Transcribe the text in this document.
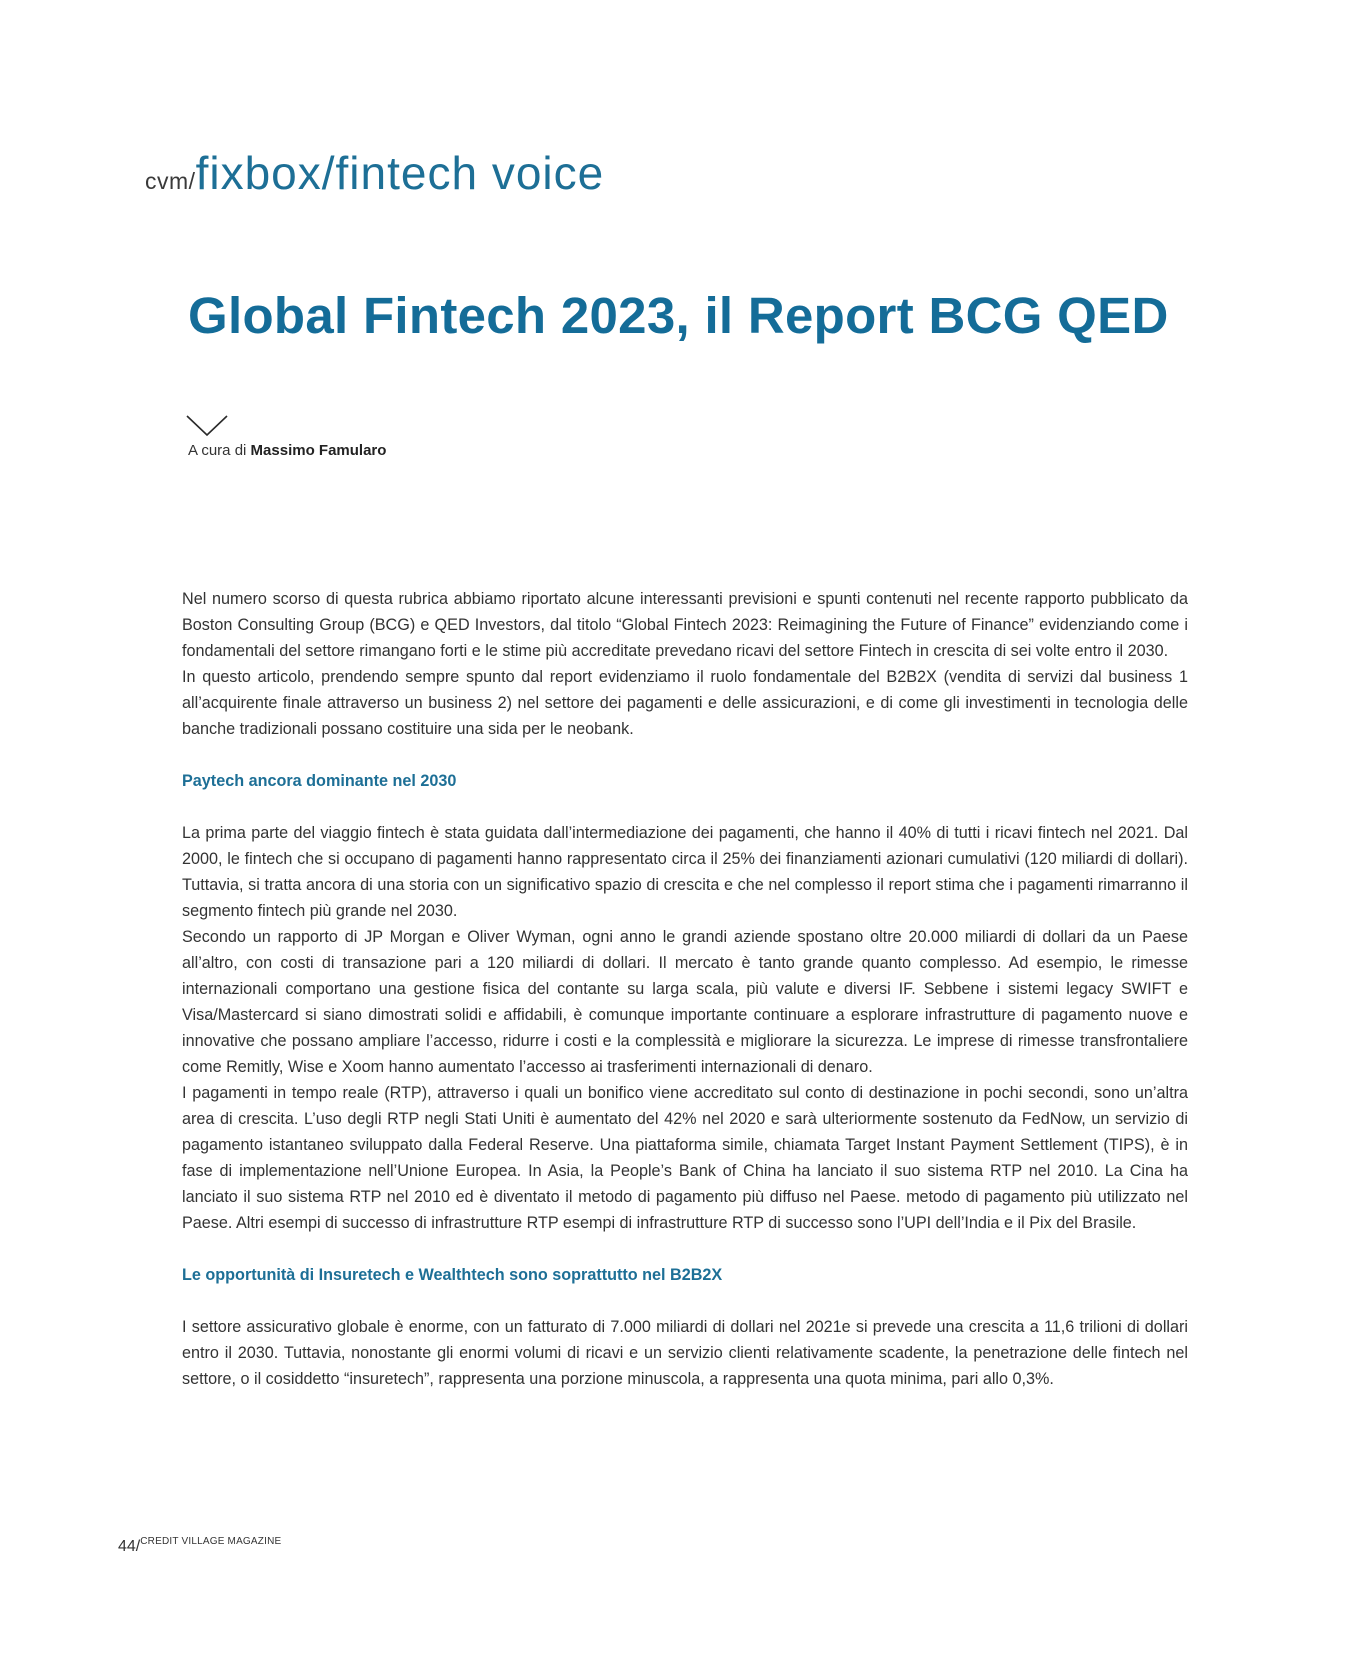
cvm/fixbox/fintech voice
Global Fintech 2023, il Report BCG QED
A cura di Massimo Famularo

Nel numero scorso di questa rubrica abbiamo riportato alcune interessanti previsioni e spunti contenuti nel recente rapporto pubblicato da Boston Consulting Group (BCG) e QED Investors, dal titolo “Global Fintech 2023: Reimagining the Future of Finance” evidenziando come i fondamentali del settore rimangano forti e le stime più accreditate prevedano ricavi del settore Fintech in crescita di sei volte entro il 2030.

In questo articolo, prendendo sempre spunto dal report evidenziamo il ruolo fondamentale del B2B2X (vendita di servizi dal business 1 all’acquirente finale attraverso un business 2) nel settore dei pagamenti e delle assicurazioni, e di come gli investimenti in tecnologia delle banche tradizionali possano costituire una sida per le neobank.

Paytech ancora dominante nel 2030

La prima parte del viaggio fintech è stata guidata dall’intermediazione dei pagamenti, che hanno il 40% di tutti i ricavi fintech nel 2021. Dal 2000, le fintech che si occupano di pagamenti hanno rappresentato circa il 25% dei finanziamenti azionari cumulativi (120 miliardi di dollari). Tuttavia, si tratta ancora di una storia con un significativo spazio di crescita e che nel complesso il report stima che i pagamenti rimarranno il segmento fintech più grande nel 2030.

Secondo un rapporto di JP Morgan e Oliver Wyman, ogni anno le grandi aziende spostano oltre 20.000 miliardi di dollari da un Paese all’altro, con costi di transazione pari a 120 miliardi di dollari. Il mercato è tanto grande quanto complesso. Ad esempio, le rimesse internazionali comportano una gestione fisica del contante su larga scala, più valute e diversi IF. Sebbene i sistemi legacy SWIFT e Visa/Mastercard si siano dimostrati solidi e affidabili, è comunque importante continuare a esplorare infrastrutture di pagamento nuove e innovative che possano ampliare l’accesso, ridurre i costi e la complessità e migliorare la sicurezza. Le imprese di rimesse transfrontaliere come Remitly, Wise e Xoom hanno aumentato l’accesso ai trasferimenti internazionali di denaro.

I pagamenti in tempo reale (RTP), attraverso i quali un bonifico viene accreditato sul conto di destinazione in pochi secondi, sono un’altra area di crescita. L’uso degli RTP negli Stati Uniti è aumentato del 42% nel 2020 e sarà ulteriormente sostenuto da FedNow, un servizio di pagamento istantaneo sviluppato dalla Federal Reserve. Una piattaforma simile, chiamata Target Instant Payment Settlement (TIPS), è in fase di implementazione nell’Unione Europea. In Asia, la People’s Bank of China ha lanciato il suo sistema RTP nel 2010. La Cina ha lanciato il suo sistema RTP nel 2010 ed è diventato il metodo di pagamento più diffuso nel Paese. metodo di pagamento più utilizzato nel Paese. Altri esempi di successo di infrastrutture RTP esempi di infrastrutture RTP di successo sono l’UPI dell’India e il Pix del Brasile.

Le opportunità di Insuretech e Wealthtech sono soprattutto nel B2B2X

I settore assicurativo globale è enorme, con un fatturato di 7.000 miliardi di dollari nel 2021e si prevede una crescita a 11,6 trilioni di dollari entro il 2030. Tuttavia, nonostante gli enormi volumi di ricavi e un servizio clienti relativamente scadente, la penetrazione delle fintech nel settore, o il cosiddetto “insuretech”, rappresenta una porzione minuscola, a rappresenta una quota minima, pari allo 0,3%.

44/$^{CREDIT VILLAGE MAGAZINE}$
